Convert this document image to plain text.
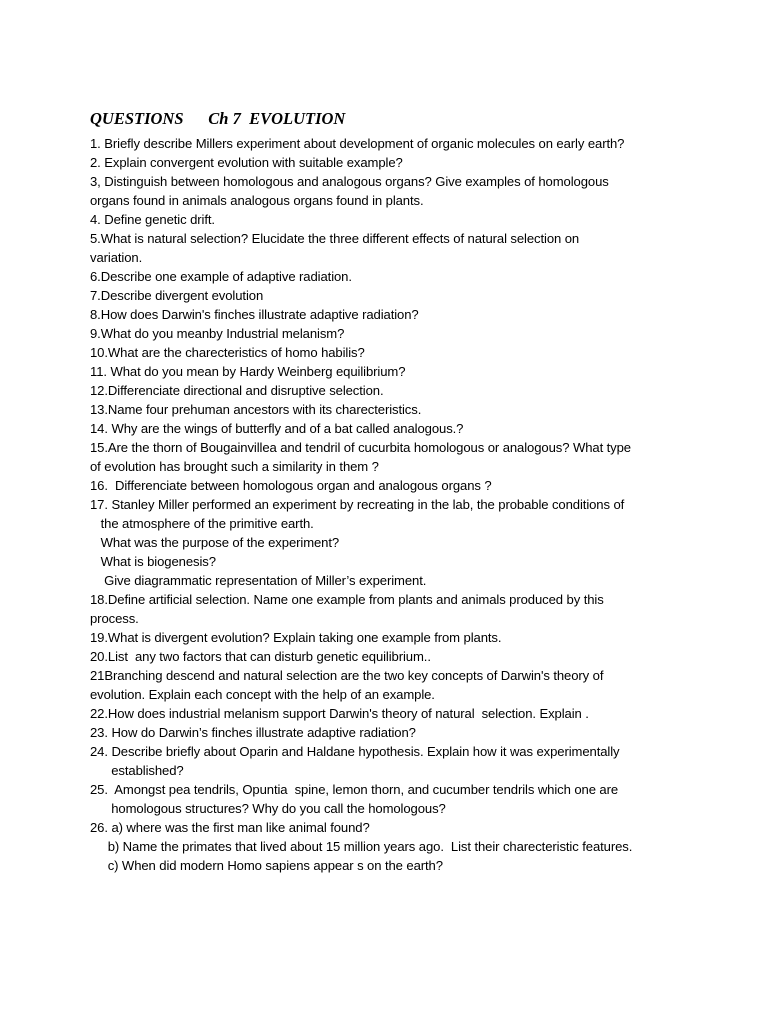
QUESTIONS      Ch 7  EVOLUTION
1. Briefly describe Millers experiment about development of organic molecules on early earth?
2. Explain convergent evolution with suitable example?
3, Distinguish between homologous and analogous organs? Give examples of homologous
organs found in animals analogous organs found in plants.
4. Define genetic drift.
5.What is natural selection? Elucidate the three different effects of natural selection on
variation.
6.Describe one example of adaptive radiation.
7.Describe divergent evolution
8.How does Darwin's finches illustrate adaptive radiation?
9.What do you meanby Industrial melanism?
10.What are the charecteristics of homo habilis?
11. What do you mean by Hardy Weinberg equilibrium?
12.Differenciate directional and disruptive selection.
13.Name four prehuman ancestors with its charecteristics.
14. Why are the wings of butterfly and of a bat called analogous.?
15.Are the thorn of Bougainvillea and tendril of cucurbita homologous or analogous? What type
of evolution has brought such a similarity in them ?
16.  Differenciate between homologous organ and analogous organs ?
17. Stanley Miller performed an experiment by recreating in the lab, the probable conditions of
the atmosphere of the primitive earth.
What was the purpose of the experiment?
What is biogenesis?
Give diagrammatic representation of Miller’s experiment.
18.Define artificial selection. Name one example from plants and animals produced by this
process.
19.What is divergent evolution? Explain taking one example from plants.
20.List  any two factors that can disturb genetic equilibrium..
21Branching descend and natural selection are the two key concepts of Darwin's theory of
evolution. Explain each concept with the help of an example.
22.How does industrial melanism support Darwin's theory of natural  selection. Explain .
23. How do Darwin’s finches illustrate adaptive radiation?
24. Describe briefly about Oparin and Haldane hypothesis. Explain how it was experimentally
established?
25.  Amongst pea tendrils, Opuntia  spine, lemon thorn, and cucumber tendrils which one are
homologous structures? Why do you call the homologous?
26. a) where was the first man like animal found?
b) Name the primates that lived about 15 million years ago.  List their charecteristic features.
c) When did modern Homo sapiens appear s on the earth?
